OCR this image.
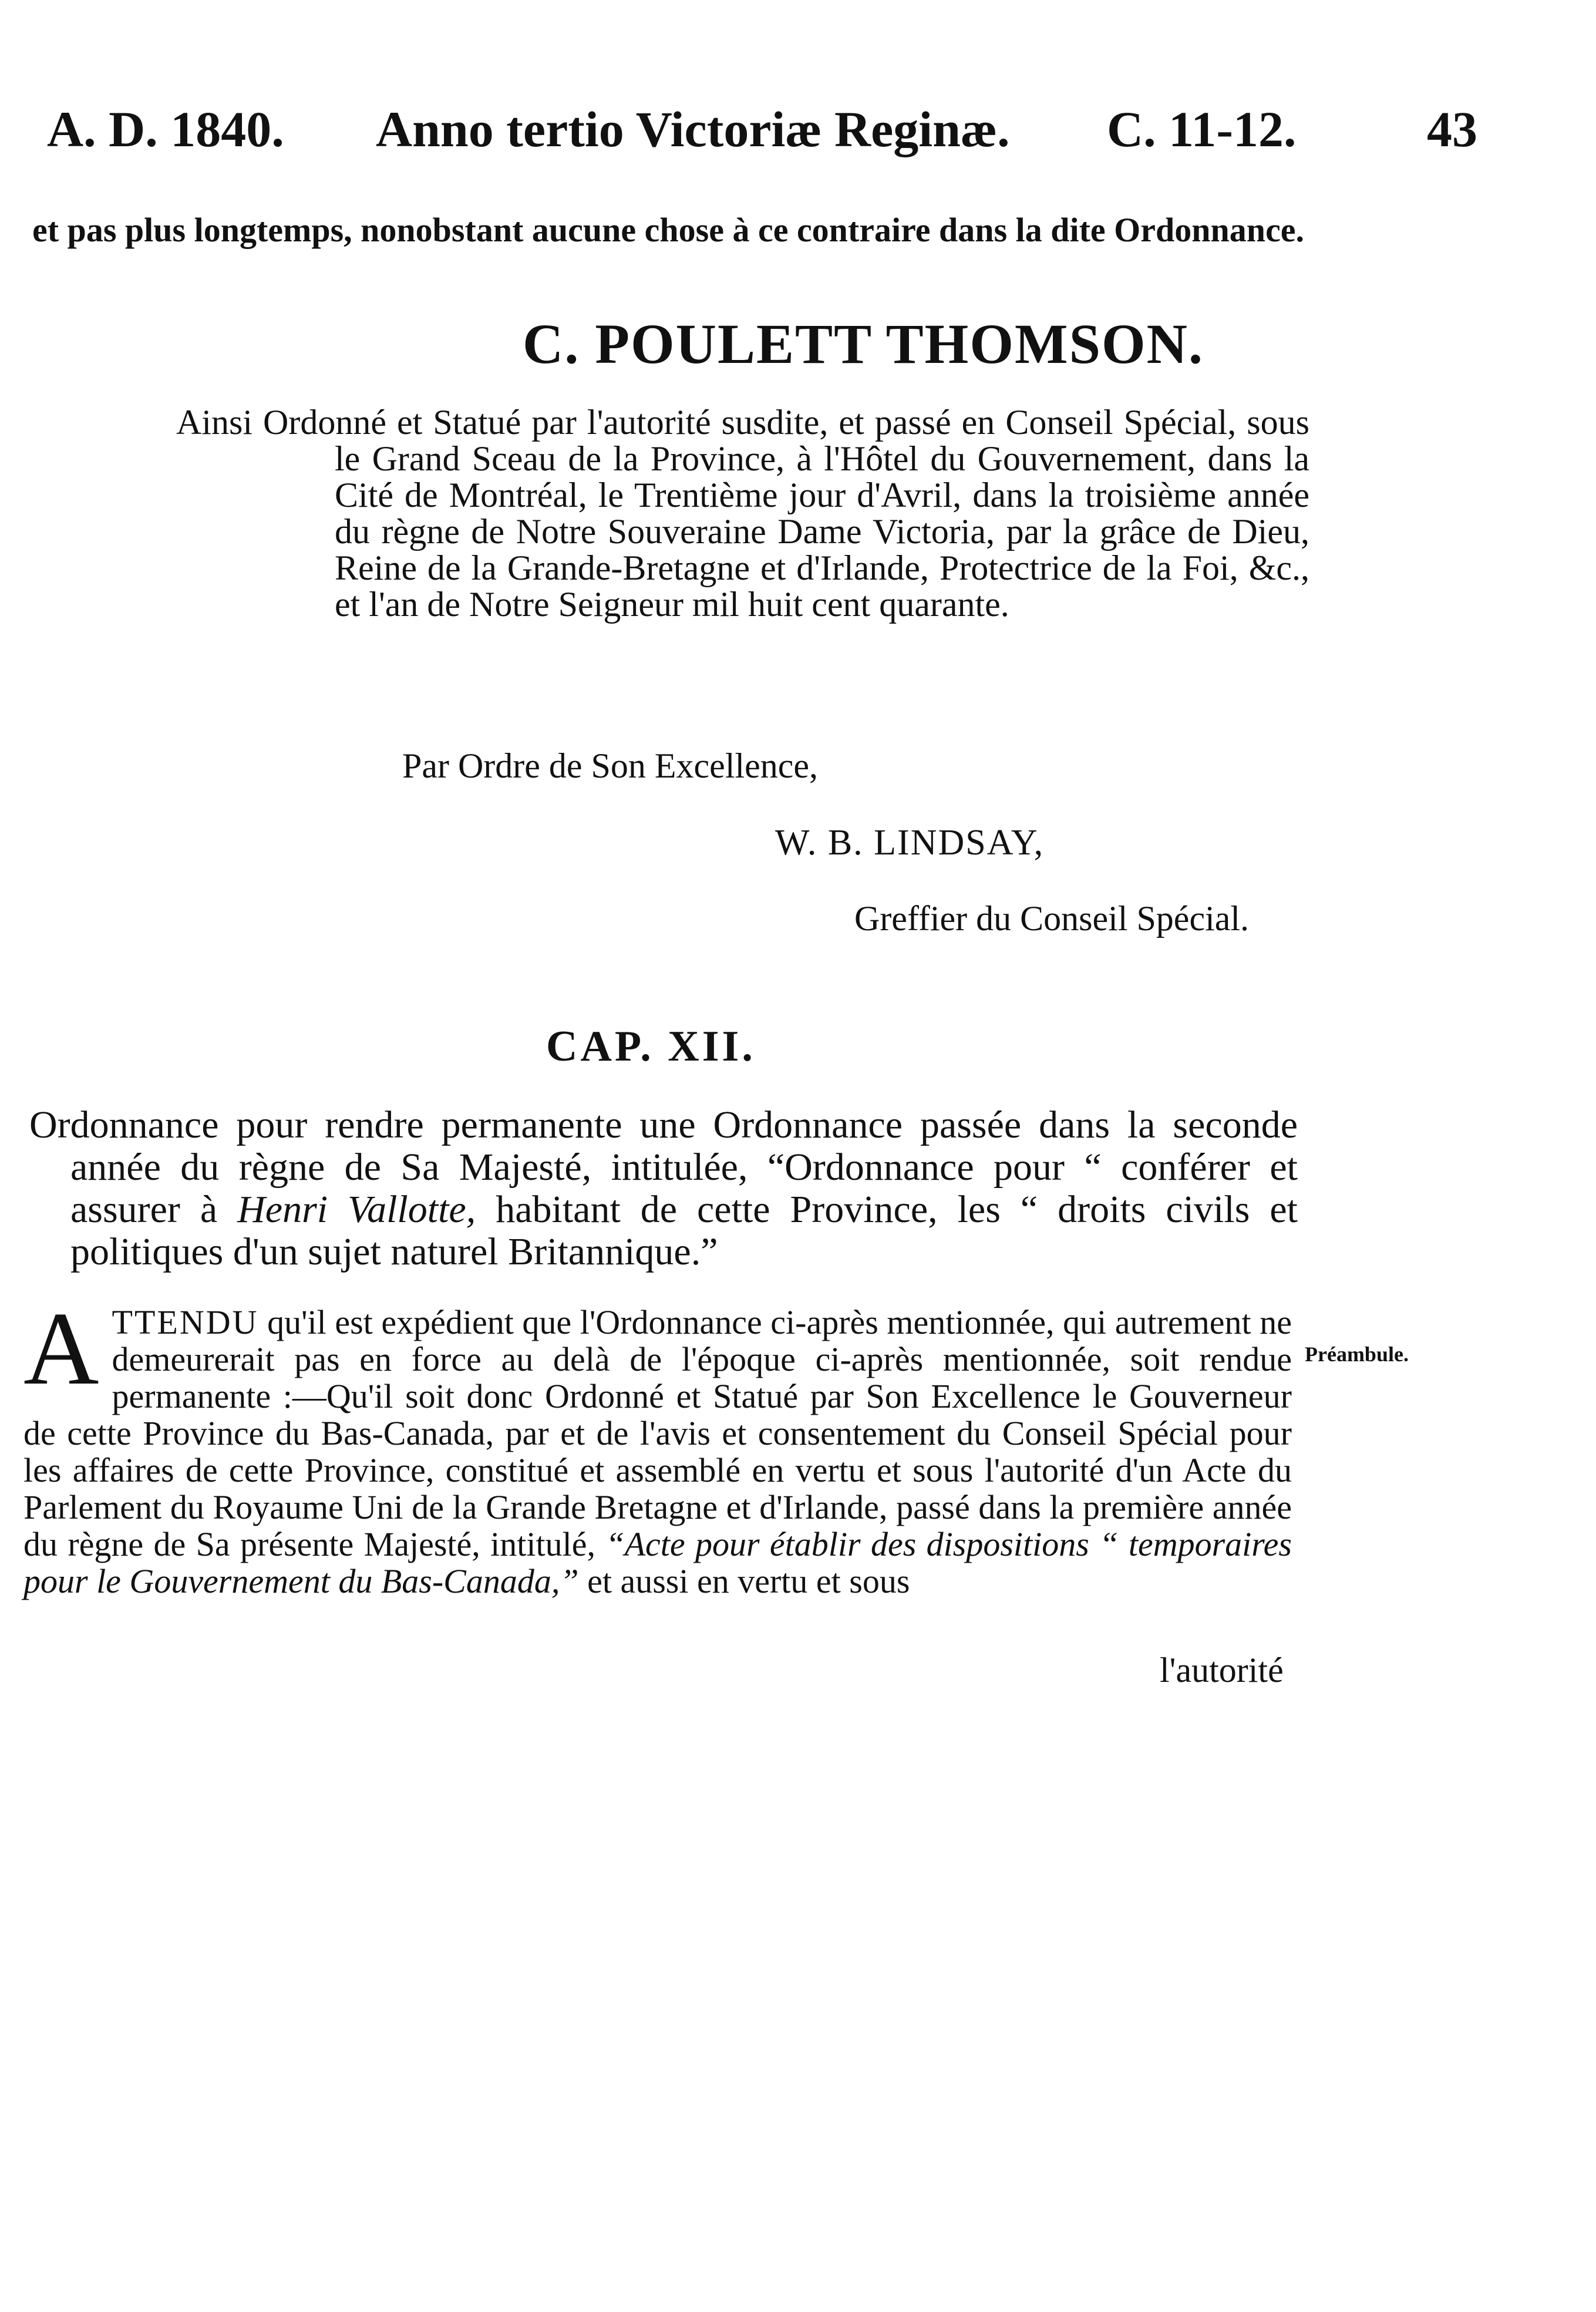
A. D. 1840. Anno tertio Victoriæ Reginæ. C. 11-12.	43
et pas plus longtemps, nonobstant aucune chose à ce contraire dans la dite Ordonnance.
C. POULETT THOMSON.
Ainsi Ordonné et Statué par l'autorité susdite, et passé en Conseil Spécial, sous le Grand Sceau de la Province, à l'Hôtel du Gouvernement, dans la Cité de Montréal, le Trentième jour d'Avril, dans la troisième année du règne de Notre Souveraine Dame Victoria, par la grâce de Dieu, Reine de la Grande-Bretagne et d'Irlande, Protectrice de la Foi, &c., et l'an de Notre Seigneur mil huit cent quarante.
Par Ordre de Son Excellence,
W. B. LINDSAY,
Greffier du Conseil Spécial.
CAP. XII.
Ordonnance pour rendre permanente une Ordonnance passée dans la seconde année du règne de Sa Majesté, intitulée, “Ordonnance pour “ conférer et assurer à Henri Vallotte, habitant de cette Province, les “ droits civils et politiques d'un sujet naturel Britannique.”
ATTENDU qu'il est expédient que l'Ordonnance ci-après mentionnée, qui autrement ne demeurerait pas en force au delà de l'époque ci-après mentionnée, soit rendue permanente :—Qu'il soit donc Ordonné et Statué par Son Excellence le Gouverneur de cette Province du Bas-Canada, par et de l'avis et consentement du Conseil Spécial pour les affaires de cette Province, constitué et assemblé en vertu et sous l'autorité d'un Acte du Parlement du Royaume Uni de la Grande Bretagne et d'Irlande, passé dans la première année du règne de Sa présente Majesté, intitulé, “Acte pour établir des dispositions “ temporaires pour le Gouvernement du Bas-Canada,” et aussi en vertu et sous
Préambule.
l'autorité
